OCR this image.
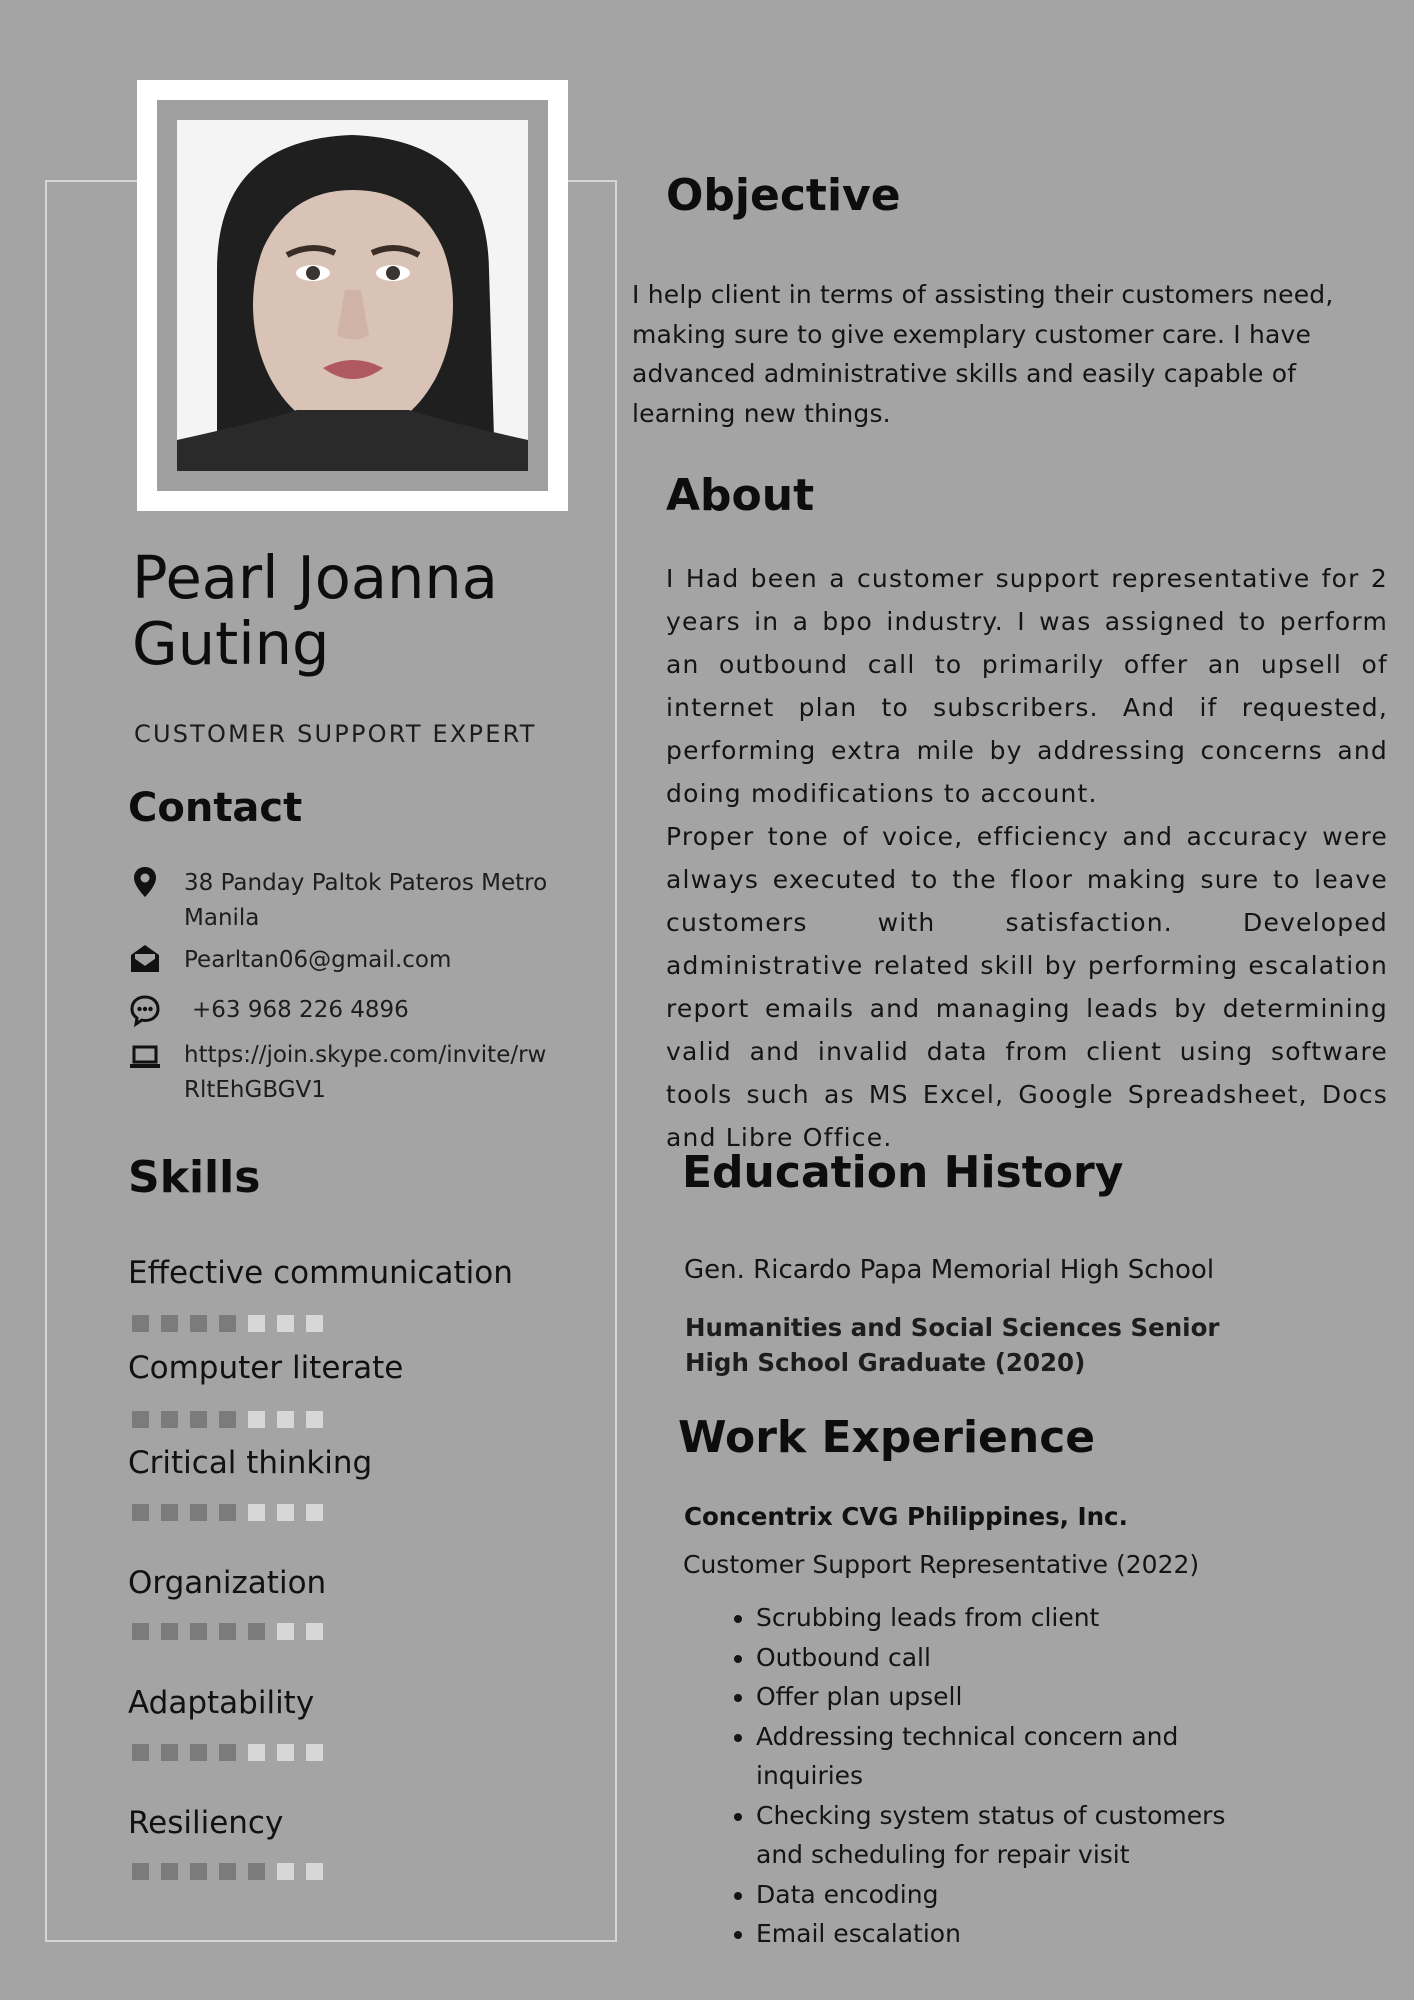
Pearl Joanna
Guting
CUSTOMER SUPPORT EXPERT
Contact
38 Panday Paltok Pateros Metro Manila
Pearltan06@gmail.com
+63 968 226 4896
https://join.skype.com/invite/rw
RltEhGBGV1
Skills
Effective communication
Computer literate
Critical thinking
Organization
Adaptability
Resiliency
Objective
I help client in terms of assisting their customers need, making sure to give exemplary customer care. I have advanced administrative skills and easily capable of learning new things.
About
I Had been a customer support representative for 2 years in a bpo industry. I was assigned to perform an outbound call to primarily offer an upsell of internet plan to subscribers. And if requested, performing extra mile by addressing concerns and doing modifications to account.
Proper tone of voice, efficiency and accuracy were always executed to the floor making sure to leave customers with satisfaction. Developed administrative related skill by performing escalation report emails and managing leads by determining valid and invalid data from client using software tools such as MS Excel, Google Spreadsheet, Docs and Libre Office.
Education History
Gen. Ricardo Papa Memorial High School
Humanities and Social Sciences Senior High School Graduate (2020)
Work Experience
Concentrix CVG Philippines, Inc.
Customer Support Representative (2022)
• Scrubbing leads from client
• Outbound call
• Offer plan upsell
• Addressing technical concern and inquiries
• Checking system status of customers and scheduling for repair visit
• Data encoding
• Email escalation
